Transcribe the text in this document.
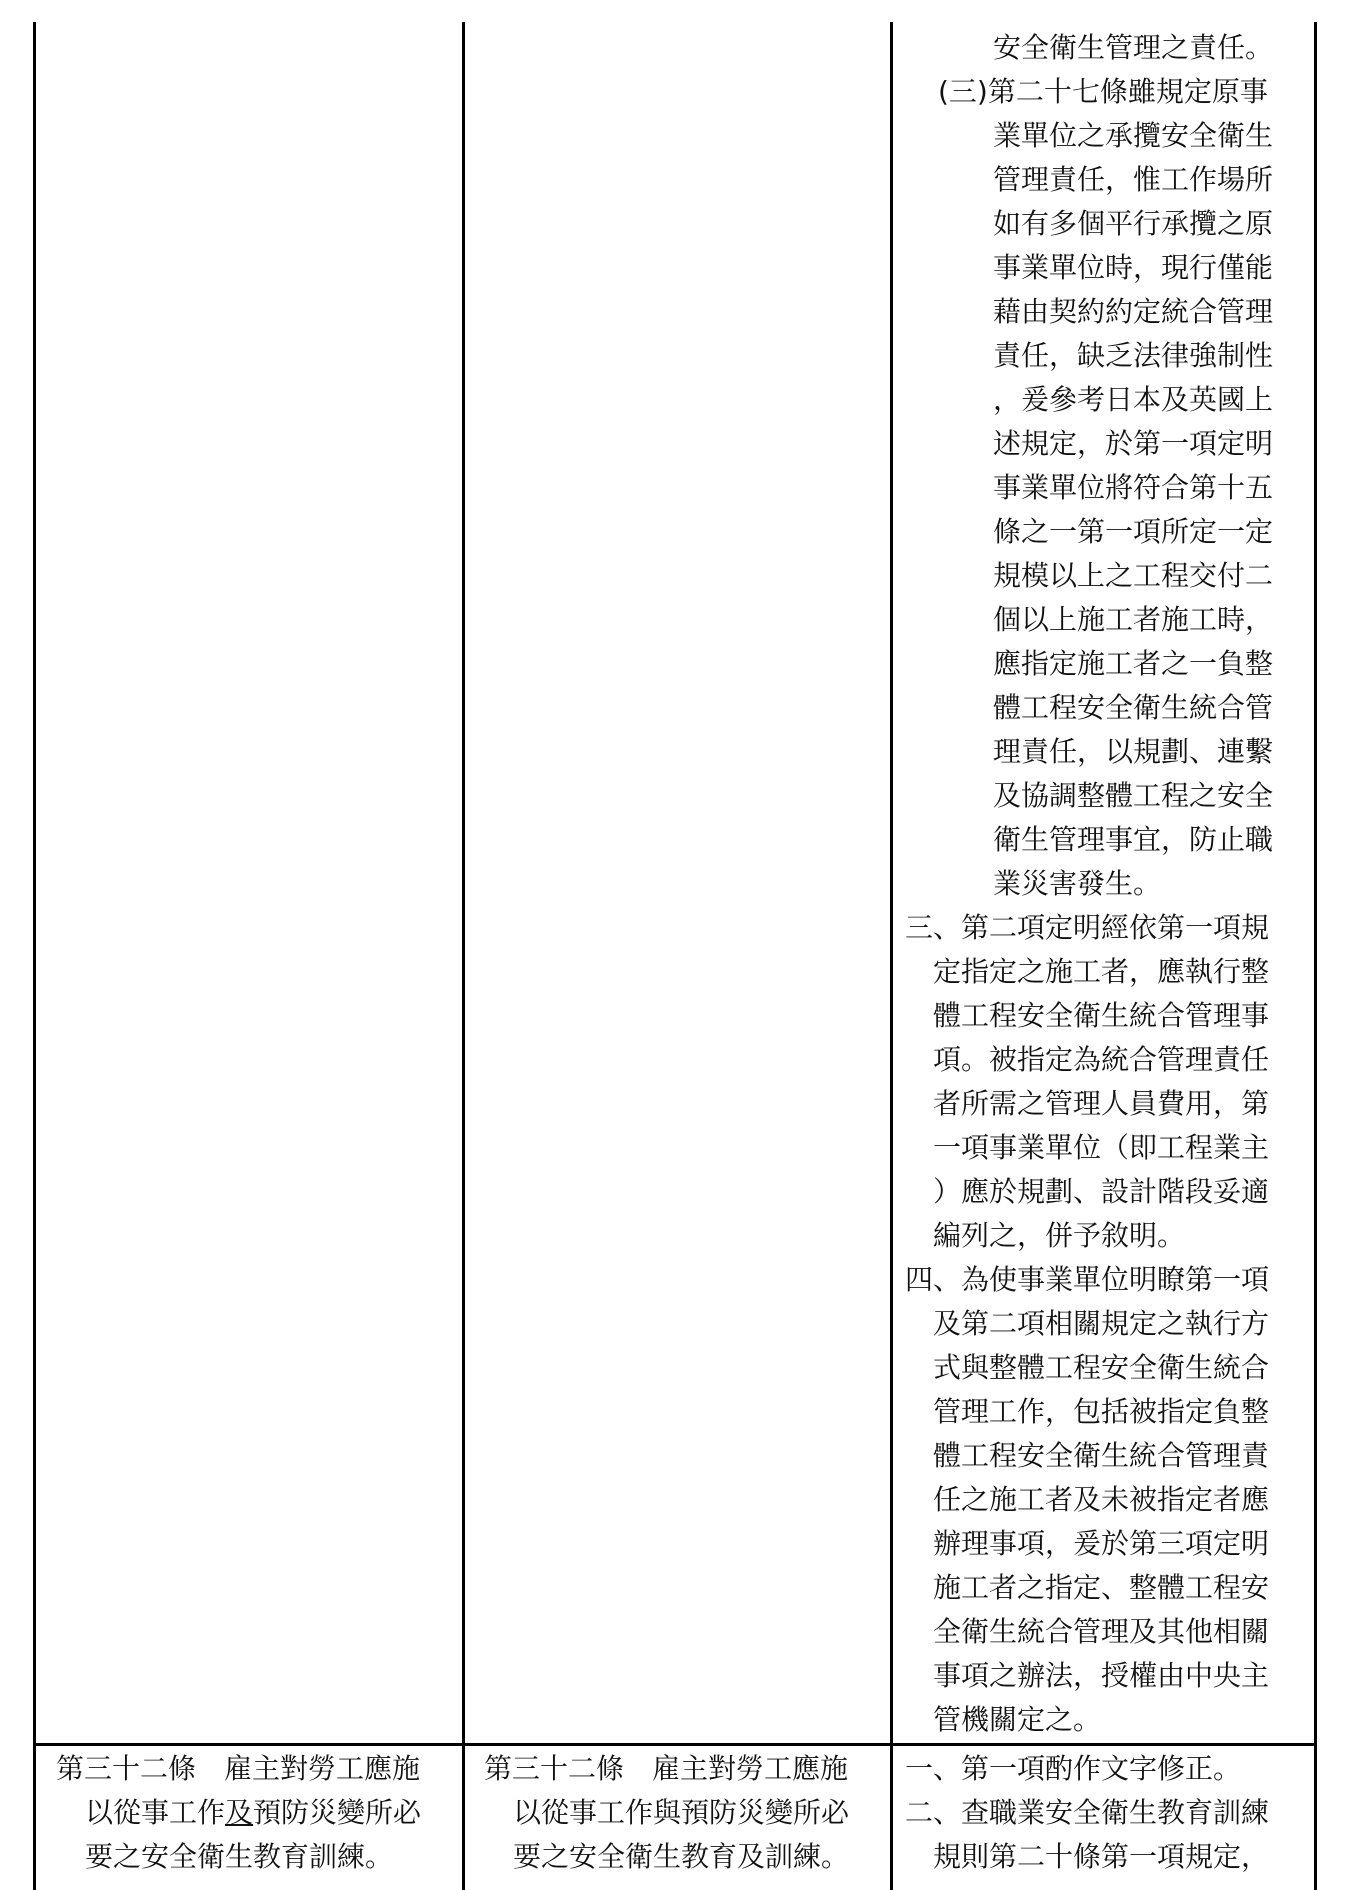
安全衛生管理之責任。
(三)第二十七條雖規定原事
業單位之承攬安全衛生
管理責任，惟工作場所
如有多個平行承攬之原
事業單位時，現行僅能
藉由契約約定統合管理
責任，缺乏法律強制性
，爰參考日本及英國上
述規定，於第一項定明
事業單位將符合第十五
條之一第一項所定一定
規模以上之工程交付二
個以上施工者施工時，
應指定施工者之一負整
體工程安全衛生統合管
理責任，以規劃、連繫
及協調整體工程之安全
衛生管理事宜，防止職
業災害發生。
三、第二項定明經依第一項規
定指定之施工者，應執行整
體工程安全衛生統合管理事
項。被指定為統合管理責任
者所需之管理人員費用，第
一項事業單位（即工程業主
）應於規劃、設計階段妥適
編列之，併予敘明。
四、為使事業單位明瞭第一項
及第二項相關規定之執行方
式與整體工程安全衛生統合
管理工作，包括被指定負整
體工程安全衛生統合管理責
任之施工者及未被指定者應
辦理事項，爰於第三項定明
施工者之指定、整體工程安
全衛生統合管理及其他相關
事項之辦法，授權由中央主
管機關定之。
第三十二條　雇主對勞工應施
以從事工作及預防災變所必
要之安全衛生教育訓練。
第三十二條　雇主對勞工應施
以從事工作與預防災變所必
要之安全衛生教育及訓練。
一、第一項酌作文字修正。
二、查職業安全衛生教育訓練
規則第二十條第一項規定，
